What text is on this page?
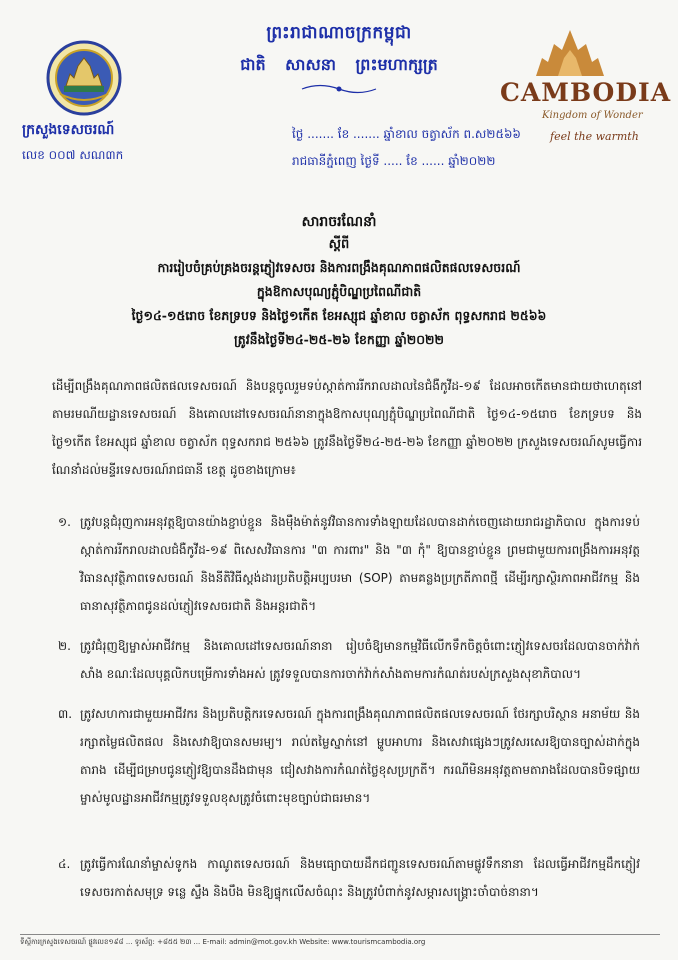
ព្រះរាជាណាចក្រកម្ពុជា
ជាតិ សាសនា ព្រះមហាក្សត្រ
ក្រសួងទេសចរណ៍
លេខ ០០៧ សណ៣ក
CAMBODIA
Kingdom of Wonder
feel the warmth
ថ្ងៃ ....... ខែ ....... ឆ្នាំខាល ចត្វាស័ក ព.ស២៥៦៦
រាជធានីភ្នំពេញ ថ្ងៃទី ..... ខែ ...... ឆ្នាំ២០២២
សារាចរណែនាំ
ស្តីពី
ការរៀបចំគ្រប់គ្រងចរន្តភ្ញៀវទេសចរ និងការពង្រឹងគុណភាពផលិតផលទេសចរណ៍
ក្នុងឱកាសបុណ្យភ្ជុំបិណ្ឌប្រពៃណីជាតិ
ថ្ងៃ១៤-១៥រោច ខែភទ្របទ និងថ្ងៃ១កើត ខែអស្សុជ ឆ្នាំខាល ចត្វាស័ក ពុទ្ធសករាជ ២៥៦៦
ត្រូវនឹងថ្ងៃទី២៤-២៥-២៦ ខែកញ្ញា ឆ្នាំ២០២២
ដើម្បីពង្រឹងគុណភាពផលិតផលទេសចរណ៍ និងបន្តចូលរួមទប់ស្កាត់ការរីករាលដាលនៃជំងឺកូវីដ-១៩ ដែលអាចកើតមានជាយថាហេតុនៅតាមរមណីយដ្ឋានទេសចរណ៍ និងគោលដៅទេសចរណ៍នានាក្នុងឱកាសបុណ្យភ្ជុំបិណ្ឌប្រពៃណីជាតិ ថ្ងៃ១៤-១៥រោច ខែភទ្របទ និងថ្ងៃ១កើត ខែអស្សុជ ឆ្នាំខាល ចត្វាស័ក ពុទ្ធសករាជ ២៥៦៦ ត្រូវនឹងថ្ងៃទី២៤-២៥-២៦ ខែកញ្ញា ឆ្នាំ២០២២ ក្រសួងទេសចរណ៍សូមធ្វើការណែនាំដល់មន្ទីរទេសចរណ៍រាជធានី ខេត្ត ដូចខាងក្រោម៖
១. ត្រូវបន្តជំរុញការអនុវត្តឱ្យបានយ៉ាងខ្ជាប់ខ្ជួន និងម៉ឺងម៉ាត់នូវវិធានការទាំងឡាយដែលបានដាក់ចេញដោយរាជរដ្ឋាភិបាល ក្នុងការទប់ស្កាត់ការរីករាលដាលជំងឺកូវីដ-១៩ ពិសេសវិធានការ "៣ ការពារ" និង "៣ កុំ" ឱ្យបានខ្ជាប់ខ្ជួន ព្រមជាមួយការពង្រឹងការអនុវត្តវិធានសុវត្ថិភាពទេសចរណ៍ និងនីតិវិធីស្តង់ដារប្រតិបត្តិអប្បបរមា (SOP) តាមគន្លងប្រក្រតីភាពថ្មី ដើម្បីរក្សាស្ថិរភាពអាជីវកម្ម និងធានាសុវត្ថិភាពជូនដល់ភ្ញៀវទេសចរជាតិ និងអន្តរជាតិ។
២. ត្រូវជំរុញឱ្យម្ចាស់អាជីវកម្ម និងគោលដៅទេសចរណ៍នានា រៀបចំឱ្យមានកម្មវិធីលើកទឹកចិត្តចំពោះភ្ញៀវទេសចរដែលបានចាក់វ៉ាក់សាំង ខណៈដែលបុគ្គលិកបម្រើការទាំងអស់ ត្រូវទទួលបានការចាក់វ៉ាក់សាំងតាមការកំណត់របស់ក្រសួងសុខាភិបាល។
៣. ត្រូវសហការជាមួយអាជីវករ និងប្រតិបត្តិករទេសចរណ៍ ក្នុងការពង្រឹងគុណភាពផលិតផលទេសចរណ៍ ថែរក្សាបរិស្ថាន អនាម័យ និងរក្សាតម្លៃផលិតផល និងសេវាឱ្យបានសមរម្យ។ រាល់តម្លៃស្នាក់នៅ ម្ហូបអាហារ និងសេវាផ្សេងៗត្រូវសរសេរឱ្យបានច្បាស់ដាក់ក្នុងតារាង ដើម្បីជម្រាបជូនភ្ញៀវឱ្យបានដឹងជាមុន ជៀសវាងការកំណត់ថ្លៃខុសប្រក្រតី។ ករណីមិនអនុវត្តតាមតារាងដែលបានបិទផ្សាយ ម្ចាស់មូលដ្ឋានអាជីវកម្មត្រូវទទួលខុសត្រូវចំពោះមុខច្បាប់ជាធរមាន។
៤. ត្រូវធ្វើការណែនាំម្ចាស់ទូកង កាណូតទេសចរណ៍ និងមធ្យោបាយដឹកជញ្ជូនទេសចរណ៍តាមផ្លូវទឹកនានា ដែលធ្វើអាជីវកម្មដឹកភ្ញៀវទេសចរកាត់សមុទ្រ ទន្លេ ស្ទឹង និងបឹង មិនឱ្យផ្ទុកលើសចំណុះ និងត្រូវបំពាក់នូវសម្ភារសង្គ្រោះចាំបាច់នានា។
ទីស្តីការក្រសួងទេសចរណ៍ ផ្លូវលេខ១៩៨ ... ទូរស័ព្ទ: +៨៥៥ ២៣ ... E-mail: admin@mot.gov.kh Website: www.tourismcambodia.org
